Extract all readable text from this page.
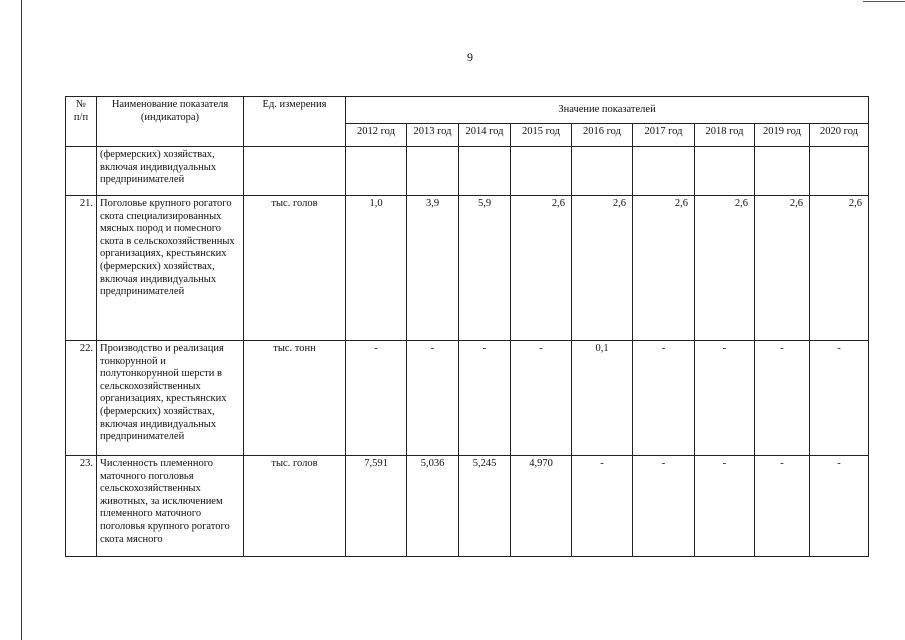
9
№
п/п	Наименование показателя (индикатора)	Ед. измерения	Значение показателей								
			2012 год	2013 год	2014 год	2015 год	2016 год	2017 год	2018 год	2019 год	2020 год
	(фермерских) хозяйствах, включая индивидуальных предпринимателей										
21.	Поголовье крупного рогатого скота специализированных мясных пород и помесного скота в сельскохозяйственных организациях, крестьянских (фермерских) хозяйствах, включая индивидуальных предпринимателей	тыс. голов	1,0	3,9	5,9	2,6	2,6	2,6	2,6	2,6	2,6
22.	Производство и реализация тонкорунной и полутонкорунной шерсти в сельскохозяйственных организациях, крестьянских (фермерских) хозяйствах, включая индивидуальных предпринимателей	тыс. тонн	-	-	-	-	0,1	-	-	-	-
23.	Численность племенного маточного поголовья сельскохозяйственных животных, за исключением племенного маточного поголовья крупного рогатого скота мясного	тыс. голов	7,591	5,036	5,245	4,970	-	-	-	-	-
